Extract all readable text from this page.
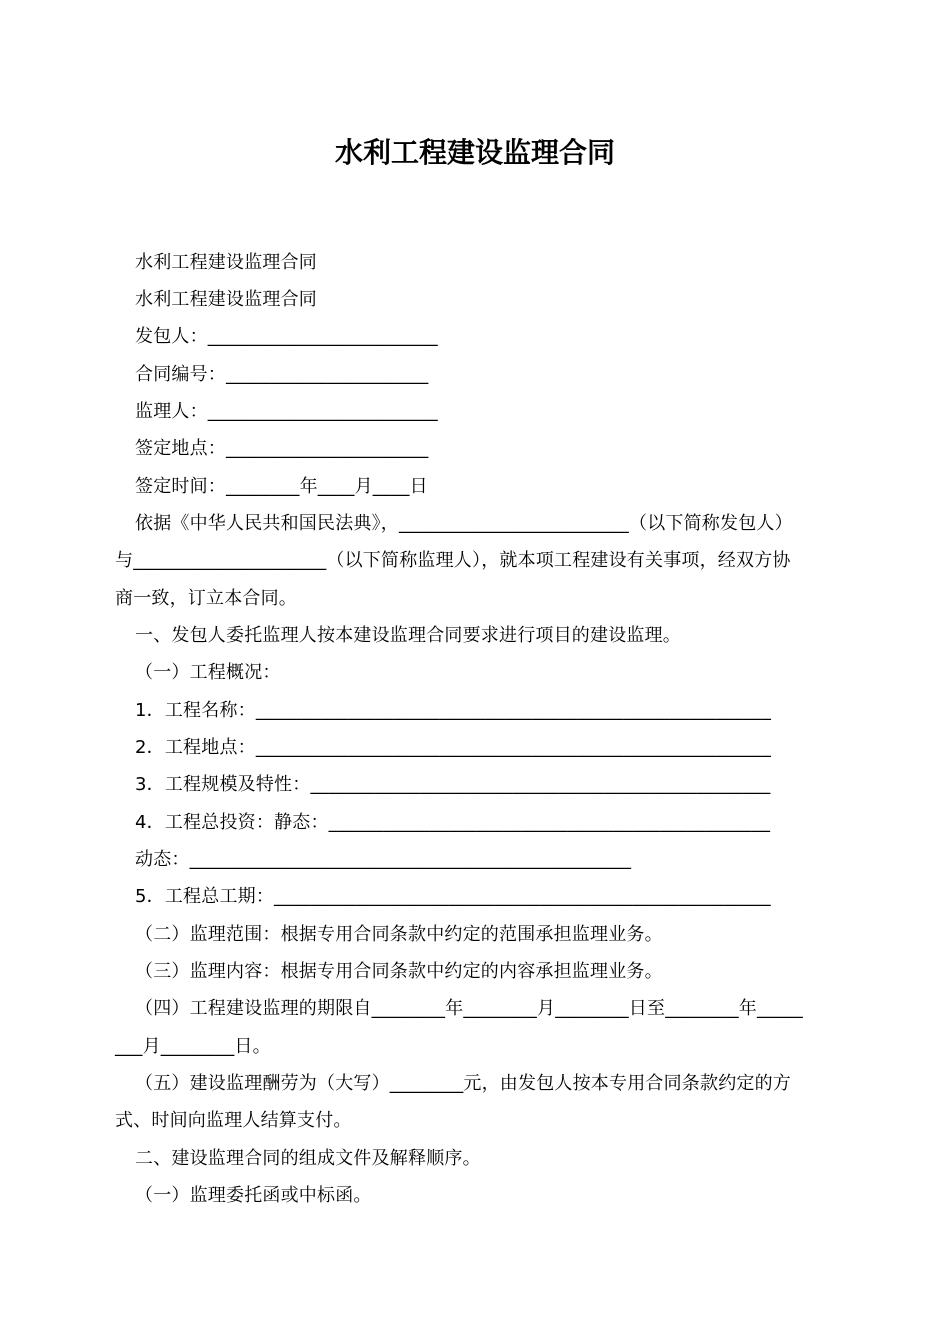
水利工程建设监理合同
水利工程建设监理合同
水利工程建设监理合同
发包人：_________________________
合同编号：______________________
监理人：_________________________
签定地点：______________________
签定时间：________年____月____日
依据《中华人民共和国民法典》，_________________________（以下简称发包人）
与_____________________（以下简称监理人），就本项工程建设有关事项，经双方协
商一致，订立本合同。
一、发包人委托监理人按本建设监理合同要求进行项目的建设监理。
（一）工程概况：
1．工程名称：________________________________________________________
2．工程地点：________________________________________________________
3．工程规模及特性：__________________________________________________
4．工程总投资：静态：________________________________________________
动态：________________________________________________
5．工程总工期：______________________________________________________
（二）监理范围：根据专用合同条款中约定的范围承担监理业务。
（三）监理内容：根据专用合同条款中约定的内容承担监理业务。
（四）工程建设监理的期限自________年________月________日至________年_____
___月________日。
（五）建设监理酬劳为（大写）________元，由发包人按本专用合同条款约定的方
式、时间向监理人结算支付。
二、建设监理合同的组成文件及解释顺序。
（一）监理委托函或中标函。
